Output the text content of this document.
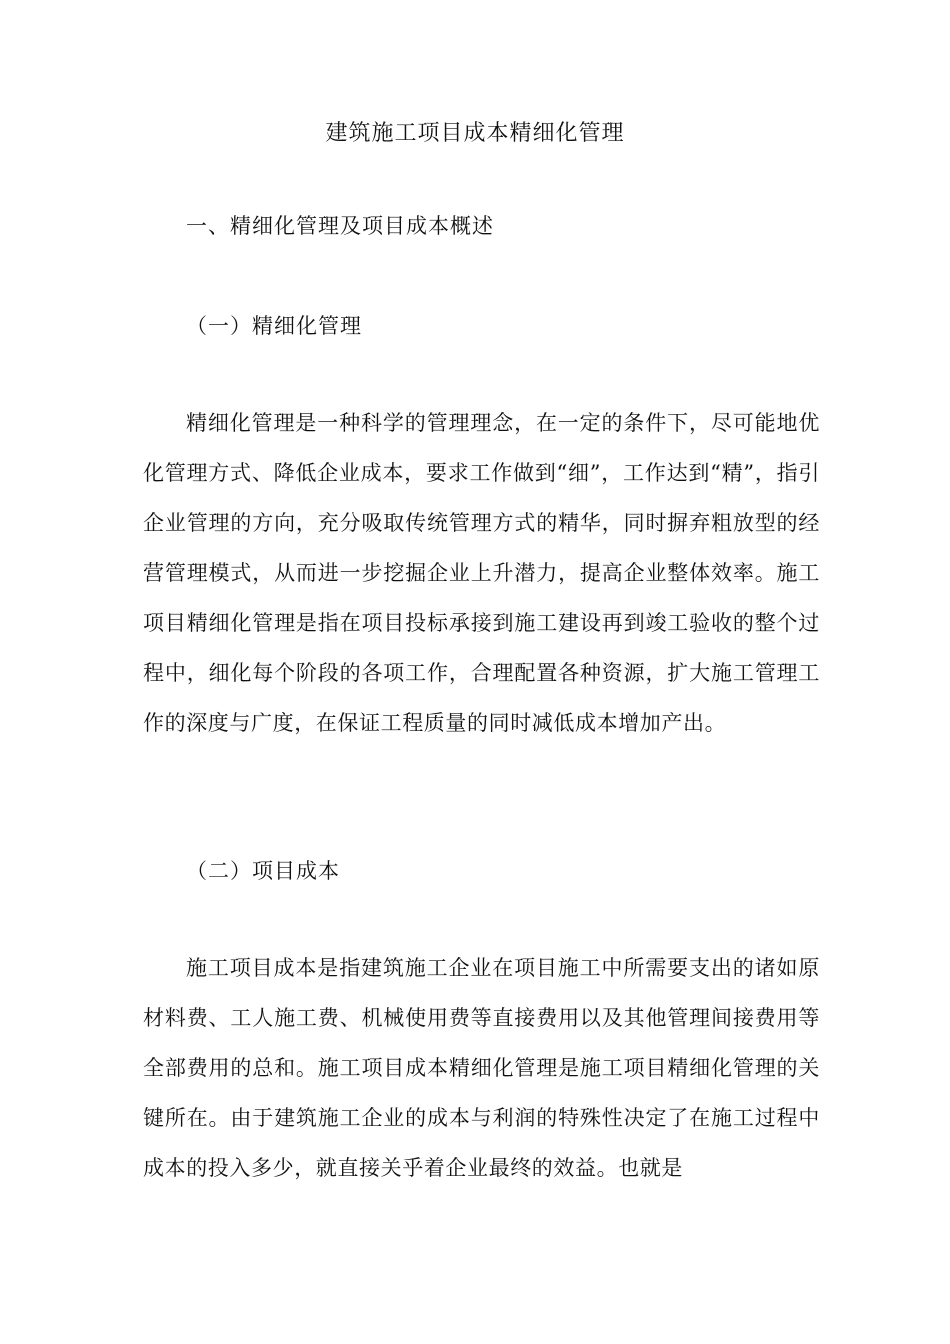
建筑施工项目成本精细化管理
一、精细化管理及项目成本概述
（一）精细化管理

精细化管理是一种科学的管理理念，在一定的条件下，尽可能地优化管理方式、降低企业成本，要求工作做到“细”，工作达到“精”，指引企业管理的方向，充分吸取传统管理方式的精华，同时摒弃粗放型的经营管理模式，从而进一步挖掘企业上升潜力，提高企业整体效率。施工项目精细化管理是指在项目投标承接到施工建设再到竣工验收的整个过程中，细化每个阶段的各项工作，合理配置各种资源，扩大施工管理工作的深度与广度，在保证工程质量的同时减低成本增加产出。

（二）项目成本

施工项目成本是指建筑施工企业在项目施工中所需要支出的诸如原材料费、工人施工费、机械使用费等直接费用以及其他管理间接费用等全部费用的总和。施工项目成本精细化管理是施工项目精细化管理的关键所在。由于建筑施工企业的成本与利润的特殊性决定了在施工过程中成本的投入多少，就直接关乎着企业最终的效益。也就是
